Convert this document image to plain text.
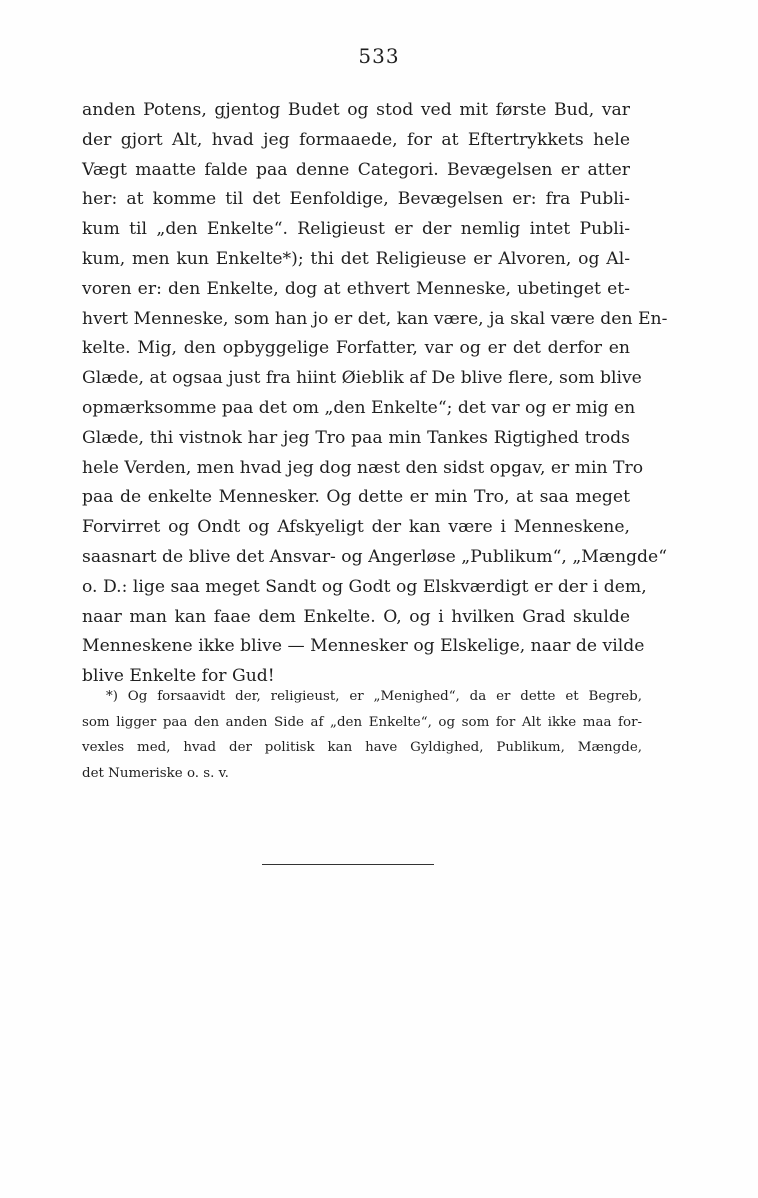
533
anden Potens, gjentog Budet og stod ved mit første Bud, var
der gjort Alt, hvad jeg formaaede, for at Eftertrykkets hele
Vægt maatte falde paa denne Categori. Bevægelsen er atter
her: at komme til det Eenfoldige, Bevægelsen er: fra Publi-
kum til „den Enkelte“. Religieust er der nemlig intet Publi-
kum, men kun Enkelte*); thi det Religieuse er Alvoren, og Al-
voren er: den Enkelte, dog at ethvert Menneske, ubetinget et-
hvert Menneske, som han jo er det, kan være, ja skal være den En-
kelte. Mig, den opbyggelige Forfatter, var og er det derfor en
Glæde, at ogsaa just fra hiint Øieblik af De blive flere, som blive
opmærksomme paa det om „den Enkelte“; det var og er mig en
Glæde, thi vistnok har jeg Tro paa min Tankes Rigtighed trods
hele Verden, men hvad jeg dog næst den sidst opgav, er min Tro
paa de enkelte Mennesker. Og dette er min Tro, at saa meget
Forvirret og Ondt og Afskyeligt der kan være i Menneskene,
saasnart de blive det Ansvar- og Angerløse „Publikum“, „Mængde“
o. D.: lige saa meget Sandt og Godt og Elskværdigt er der i dem,
naar man kan faae dem Enkelte. O, og i hvilken Grad skulde
Menneskene ikke blive — Mennesker og Elskelige, naar de vilde
blive Enkelte for Gud!
*) Og forsaavidt der, religieust, er „Menighed“, da er dette et Begreb,
som ligger paa den anden Side af „den Enkelte“, og som for Alt ikke maa for-
vexles med, hvad der politisk kan have Gyldighed, Publikum, Mængde,
det Numeriske o. s. v.
